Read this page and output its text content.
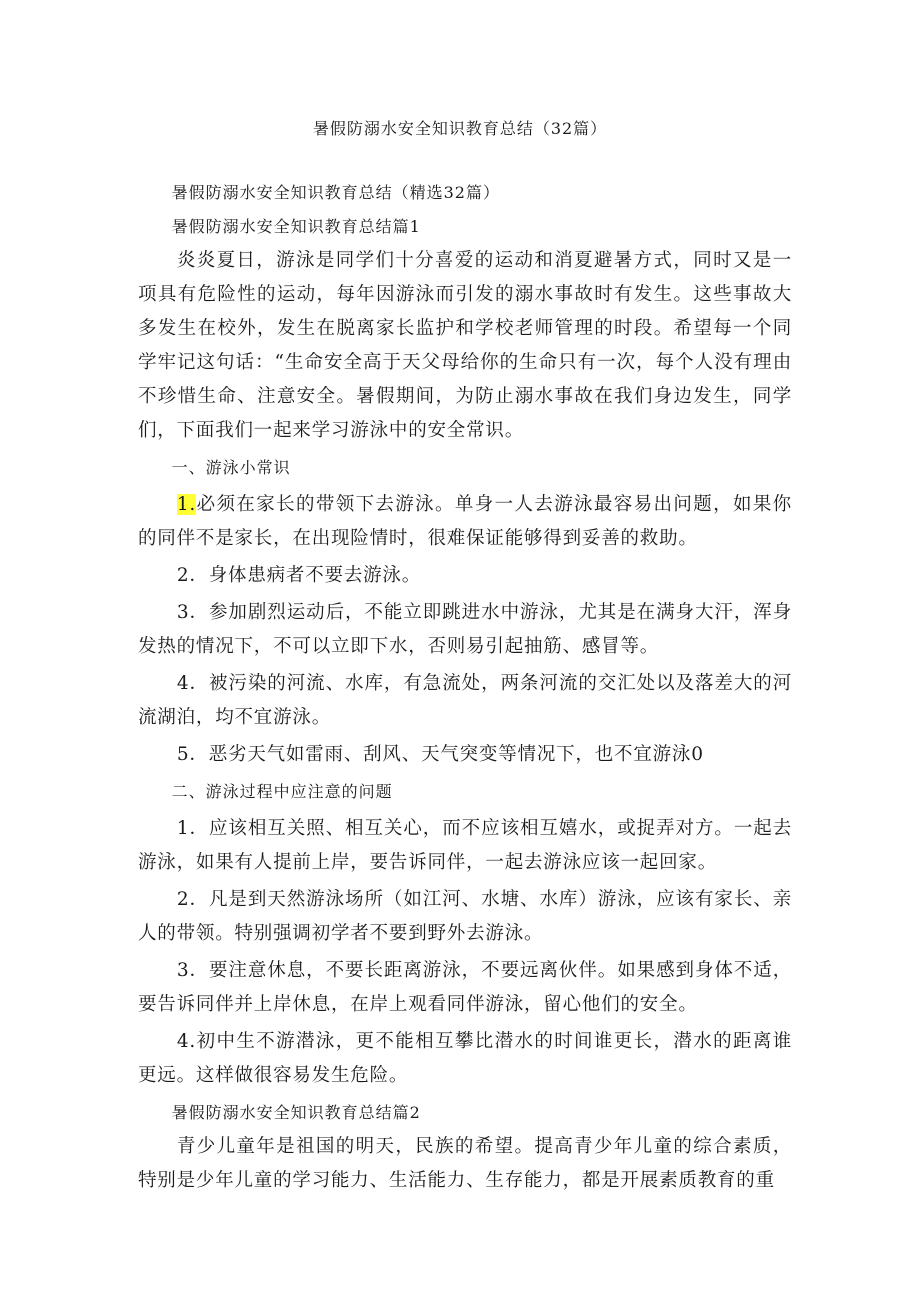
暑假防溺水安全知识教育总结（32篇）

暑假防溺水安全知识教育总结（精选32篇）

暑假防溺水安全知识教育总结篇1

炎炎夏日，游泳是同学们十分喜爱的运动和消夏避暑方式，同时又是一项具有危险性的运动，每年因游泳而引发的溺水事故时有发生。这些事故大多发生在校外，发生在脱离家长监护和学校老师管理的时段。希望每一个同学牢记这句话：“生命安全高于天父母给你的生命只有一次，每个人没有理由不珍惜生命、注意安全。暑假期间，为防止溺水事故在我们身边发生，同学们，下面我们一起来学习游泳中的安全常识。

一、游泳小常识

1.必须在家长的带领下去游泳。单身一人去游泳最容易出问题，如果你的同伴不是家长，在出现险情时，很难保证能够得到妥善的救助。

2．身体患病者不要去游泳。

3．参加剧烈运动后，不能立即跳进水中游泳，尤其是在满身大汗，浑身发热的情况下，不可以立即下水，否则易引起抽筋、感冒等。

4．被污染的河流、水库，有急流处，两条河流的交汇处以及落差大的河流湖泊，均不宜游泳。

5．恶劣天气如雷雨、刮风、天气突变等情况下，也不宜游泳0

二、游泳过程中应注意的问题

1．应该相互关照、相互关心，而不应该相互嬉水，或捉弄对方。一起去游泳，如果有人提前上岸，要告诉同伴，一起去游泳应该一起回家。

2．凡是到天然游泳场所（如江河、水塘、水库）游泳，应该有家长、亲人的带领。特别强调初学者不要到野外去游泳。

3．要注意休息，不要长距离游泳，不要远离伙伴。如果感到身体不适，要告诉同伴并上岸休息，在岸上观看同伴游泳，留心他们的安全。

4.初中生不游潜泳，更不能相互攀比潜水的时间谁更长，潜水的距离谁更远。这样做很容易发生危险。

暑假防溺水安全知识教育总结篇2

青少儿童年是祖国的明天，民族的希望。提高青少年儿童的综合素质，特别是少年儿童的学习能力、生活能力、生存能力，都是开展素质教育的重
